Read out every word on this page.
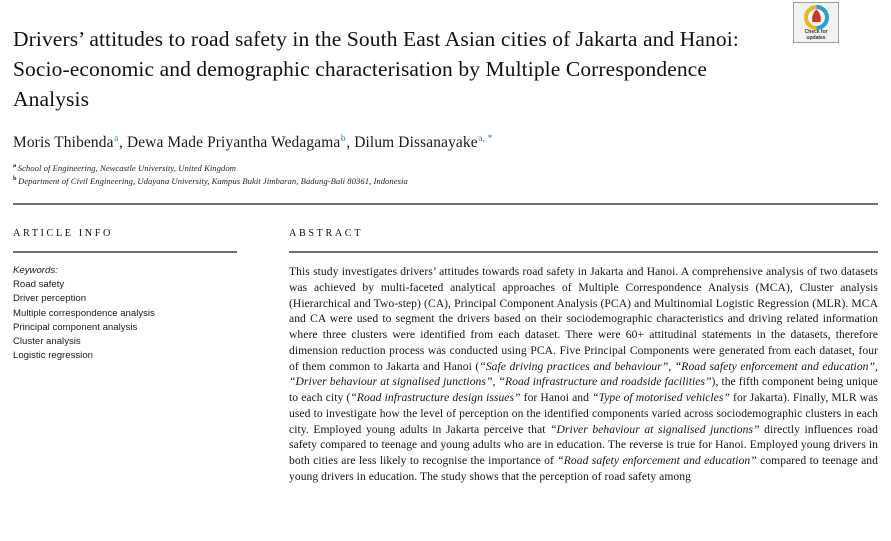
Check for
updates
Drivers’ attitudes to road safety in the South East Asian cities of Jakarta and Hanoi: Socio-economic and demographic characterisation by Multiple Correspondence Analysis

Moris Thibenda$^a$, Dewa Made Priyantha Wedagama$^b$, Dilum Dissanayake$^{a, *}$

$^a$ School of Engineering, Newcastle University, United Kingdom

$^b$ Department of Civil Engineering, Udayana University, Kampus Bukit Jimbaran, Badung-Bali 80361, Indonesia

ARTICLE INFO

Keywords:

Road safety

Driver perception

Multiple correspondence analysis

Principal component analysis

Cluster analysis

Logistic regression

ABSTRACT
This study investigates drivers’ attitudes towards road safety in Jakarta and Hanoi. A comprehensive analysis of two datasets was achieved by multi-faceted analytical approaches of Multiple Correspondence Analysis (MCA), Cluster analysis (Hierarchical and Two-step) (CA), Principal Component Analysis (PCA) and Multinomial Logistic Regression (MLR). MCA and CA were used to segment the drivers based on their sociodemographic characteristics and driving related information where three clusters were identified from each dataset. There were 60+ attitudinal statements in the datasets, therefore dimension reduction process was conducted using PCA. Five Principal Components were generated from each dataset, four of them common to Jakarta and Hanoi (“Safe driving practices and behaviour”, “Road safety enforcement and education”, “Driver behaviour at signalised junctions”, “Road infrastructure and roadside facilities”), the fifth component being unique to each city (“Road infrastructure design issues” for Hanoi and “Type of motorised vehicles” for Jakarta). Finally, MLR was used to investigate how the level of perception on the identified components varied across sociodemographic clusters in each city. Employed young adults in Jakarta perceive that “Driver behaviour at signalised junctions” directly influences road safety compared to teenage and young adults who are in education. The reverse is true for Hanoi. Employed young drivers in both cities are less likely to recognise the importance of “Road safety enforcement and education” compared to teenage and young drivers in education. The study shows that the perception of road safety among
